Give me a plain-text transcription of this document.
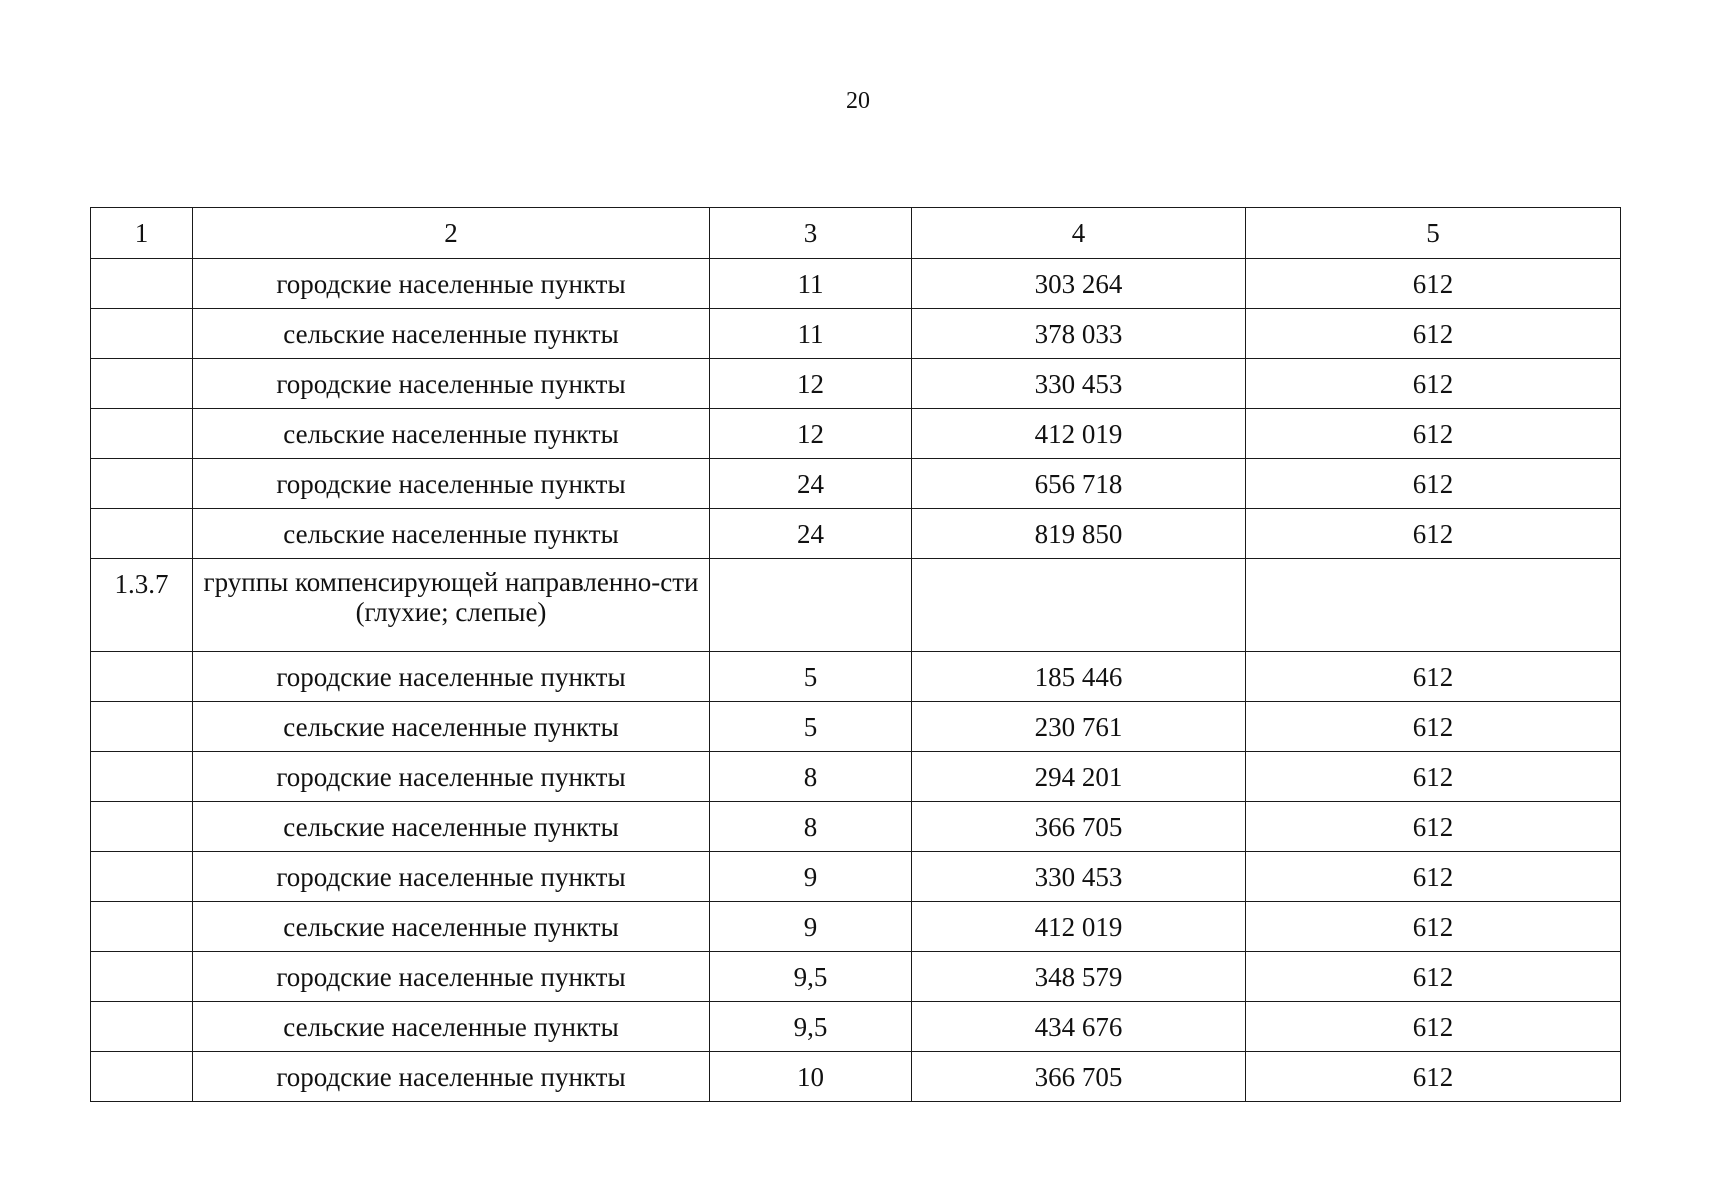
20
1	2	3	4	5
	городские населенные пункты	11	303 264	612
	сельские населенные пункты	11	378 033	612
	городские населенные пункты	12	330 453	612
	сельские населенные пункты	12	412 019	612
	городские населенные пункты	24	656 718	612
	сельские населенные пункты	24	819 850	612
1.3.7	группы компенсирующей направленно-сти (глухие; слепые)			
	городские населенные пункты	5	185 446	612
	сельские населенные пункты	5	230 761	612
	городские населенные пункты	8	294 201	612
	сельские населенные пункты	8	366 705	612
	городские населенные пункты	9	330 453	612
	сельские населенные пункты	9	412 019	612
	городские населенные пункты	9,5	348 579	612
	сельские населенные пункты	9,5	434 676	612
	городские населенные пункты	10	366 705	612
